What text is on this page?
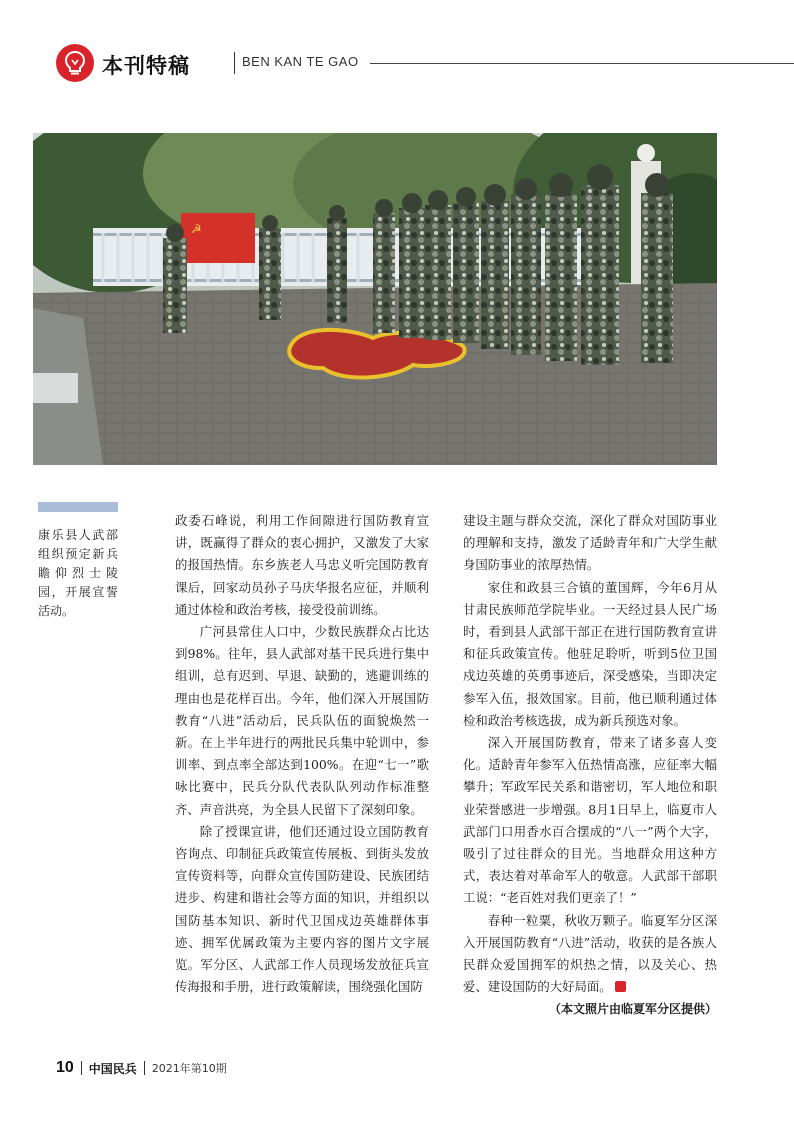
本刊特稿	BEN KAN TE GAO
☭
康乐县人武部组织预定新兵瞻仰烈士陵园，开展宣誓活动。

政委石峰说，利用工作间隙进行国防教育宣讲，既赢得了群众的衷心拥护，又激发了大家的报国热情。东乡族老人马忠义听完国防教育课后，回家动员孙子马庆华报名应征，并顺利通过体检和政治考核，接受役前训练。

广河县常住人口中，少数民族群众占比达到98%。往年，县人武部对基干民兵进行集中组训，总有迟到、早退、缺勤的，逃避训练的理由也是花样百出。今年，他们深入开展国防教育“八进”活动后，民兵队伍的面貌焕然一新。在上半年进行的两批民兵集中轮训中，参训率、到点率全部达到100%。在迎“七一”歌咏比赛中，民兵分队代表队队列动作标准整齐、声音洪亮，为全县人民留下了深刻印象。

除了授课宣讲，他们还通过设立国防教育咨询点、印制征兵政策宣传展板、到街头发放宣传资料等，向群众宣传国防建设、民族团结进步、构建和谐社会等方面的知识，并组织以国防基本知识、新时代卫国戍边英雄群体事迹、拥军优属政策为主要内容的图片文字展览。军分区、人武部工作人员现场发放征兵宣传海报和手册，进行政策解读，围绕强化国防

建设主题与群众交流，深化了群众对国防事业的理解和支持，激发了适龄青年和广大学生献身国防事业的浓厚热情。

家住和政县三合镇的董国辉，今年6月从甘肃民族师范学院毕业。一天经过县人民广场时，看到县人武部干部正在进行国防教育宣讲和征兵政策宣传。他驻足聆听，听到5位卫国戍边英雄的英勇事迹后，深受感染，当即决定参军入伍，报效国家。目前，他已顺利通过体检和政治考核选拔，成为新兵预选对象。

深入开展国防教育，带来了诸多喜人变化。适龄青年参军入伍热情高涨，应征率大幅攀升；军政军民关系和谐密切，军人地位和职业荣誉感进一步增强。8月1日早上，临夏市人武部门口用香水百合摆成的“八一”两个大字，吸引了过往群众的目光。当地群众用这种方式，表达着对革命军人的敬意。人武部干部职工说：“老百姓对我们更亲了！”

春种一粒粟，秋收万颗子。临夏军分区深入开展国防教育“八进”活动，收获的是各族人民群众爱国拥军的炽热之情，以及关心、热爱、建设国防的大好局面。

（本文照片由临夏军分区提供）

10 中国民兵 2021年第10期
